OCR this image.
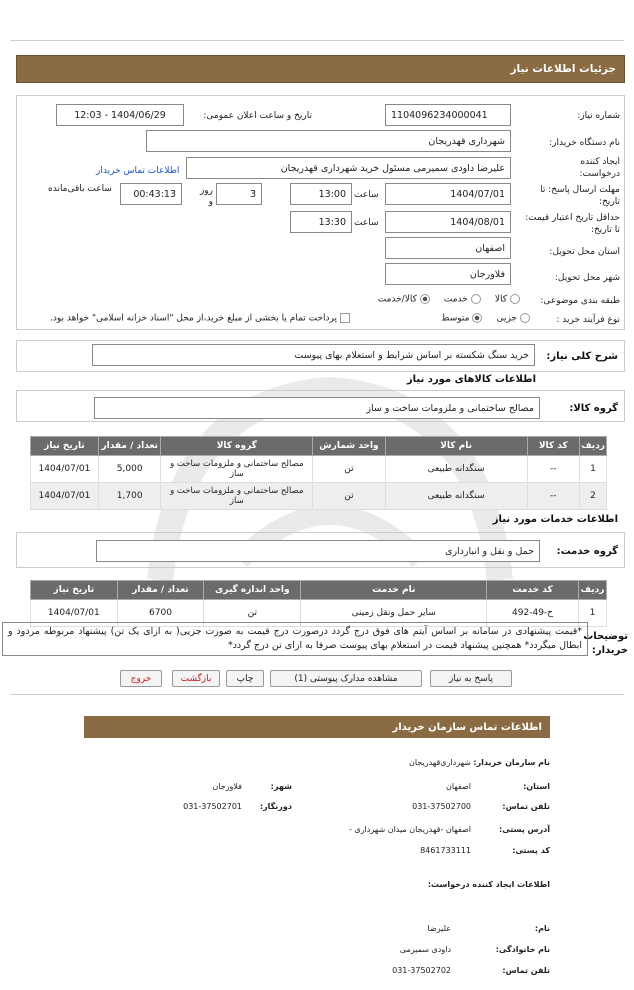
جزئیات اطلاعات نیاز
شماره نیاز:
1104096234000041
تاریخ و ساعت اعلان عمومی:
1404/06/29 - 12:03
نام دستگاه خریدار:
شهرداری قهدریجان
ایجاد کننده درخواست:
علیرضا داودی سمیرمی مسئول خرید شهرداری قهدریجان
اطلاعات تماس خریدار
مهلت ارسال پاسخ: تا تاریخ:
1404/07/01
ساعت
13:00
3
روز و
00:43:13
ساعت باقی‌مانده
حداقل تاریخ اعتبار قیمت: تا تاریخ:
1404/08/01
ساعت
13:30
استان محل تحویل:
اصفهان
شهر محل تحویل:
فلاورجان
طبقه بندی موضوعی:
کالا
خدمت
کالا/خدمت
نوع فرآیند خرید :
جزیی
متوسط
پرداخت تمام یا بخشی از مبلغ خرید،از محل "اسناد خزانه اسلامی" خواهد بود.
شرح کلی نیاز:
خرید سنگ شکسته بر اساس شرایط و استعلام بهای پیوست
اطلاعات کالاهای مورد نیاز
گروه کالا:
مصالح ساختمانی و ملزومات ساخت و ساز
ردیف	کد کالا	نام کالا	واحد شمارش	گروه کالا	تعداد / مقدار	تاریخ نیاز
1	--	سنگدانه طبیعی	تن	مصالح ساختمانی و ملزومات ساخت و ساز	5,000	1404/07/01
2	--	سنگدانه طبیعی	تن	مصالح ساختمانی و ملزومات ساخت و ساز	1,700	1404/07/01
اطلاعات خدمات مورد نیاز
گروه خدمت:
حمل و نقل و انبارداری
ردیف	کد خدمت	نام خدمت	واحد اندازه گیری	تعداد / مقدار	تاریخ نیاز
1	ح-49-492	سایر حمل ونقل زمینی	تن	6700	1404/07/01
توضیحات خریدار:
*قیمت پیشنهادی در سامانه بر اساس آیتم های فوق درج گردد درصورت درج قیمت به صورت جزیی( به ازای یک تن) پیشنهاد مربوطه مردود و ابطال میگردد* همچنین پیشنهاد قیمت در استعلام بهای پیوست صرفا به ازای تن درج گردد*
پاسخ به نیاز
مشاهده مدارک پیوستی (1)
چاپ
بازگشت
خروج
اطلاعات تماس سازمان خریدار
نام سازمان خریدار:
شهرداری‌قهدریجان
استان:
اصفهان
شهر:
فلاورجان
تلفن تماس:
031-37502700
دورنگار:
031-37502701
آدرس پستی:
اصفهان -قهدریجان میدان شهرداری -
کد پستی:
8461733111
اطلاعات ایجاد کننده درخواست:
نام:
علیرضا
نام خانوادگی:
داودی سمیرمی
تلفن تماس:
031-37502702
